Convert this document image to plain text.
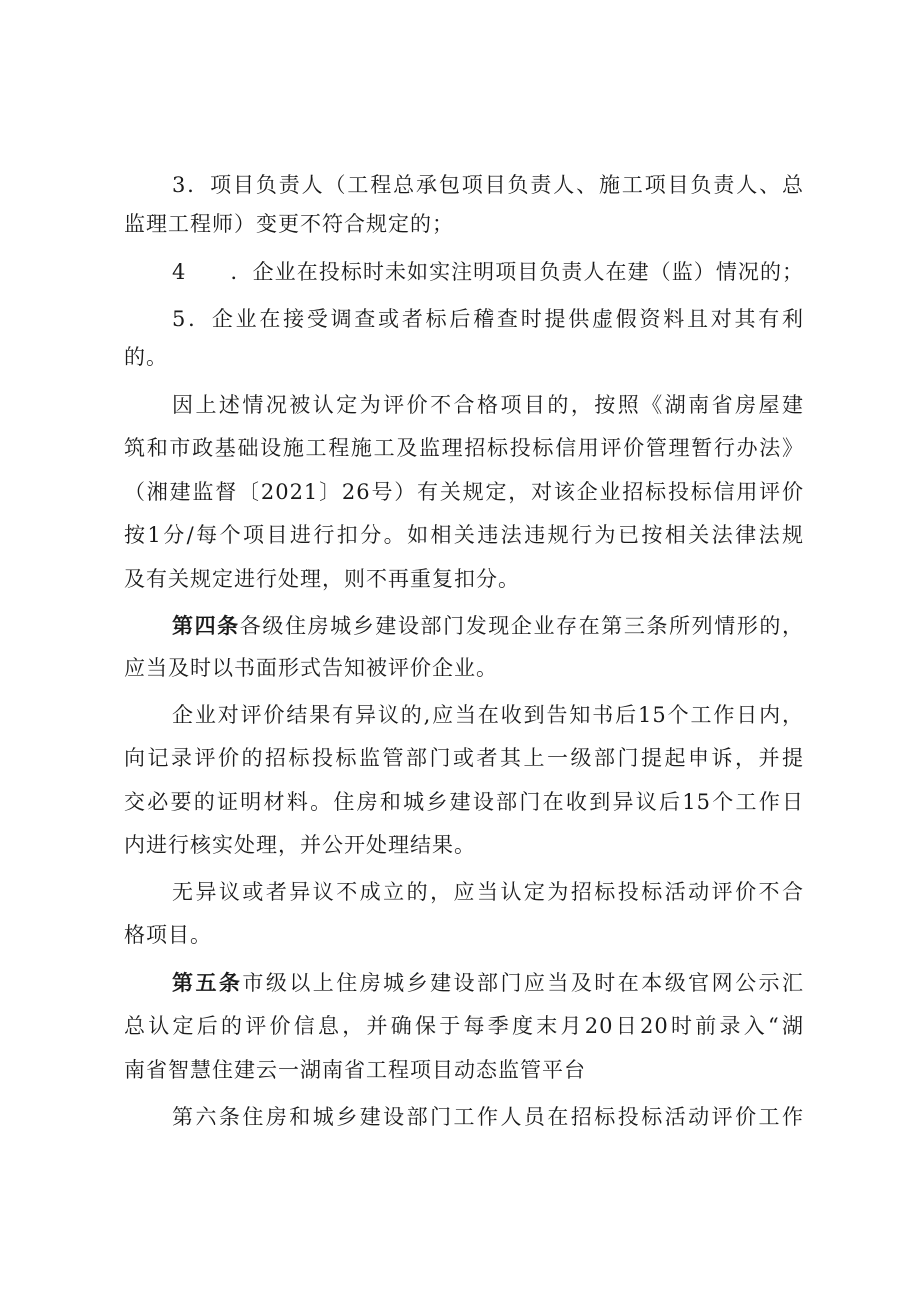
3．项目负责人（工程总承包项目负责人、施工项目负责人、总
监理工程师）变更不符合规定的；
4　　．企业在投标时未如实注明项目负责人在建（监）情况的；
5．企业在接受调查或者标后稽查时提供虚假资料且对其有利
的。
因上述情况被认定为评价不合格项目的，按照《湖南省房屋建
筑和市政基础设施工程施工及监理招标投标信用评价管理暂行办法》
（湘建监督〔2021〕26号）有关规定，对该企业招标投标信用评价
按1分/每个项目进行扣分。如相关违法违规行为已按相关法律法规
及有关规定进行处理，则不再重复扣分。
第四条各级住房城乡建设部门发现企业存在第三条所列情形的，
应当及时以书面形式告知被评价企业。
企业对评价结果有异议的,应当在收到告知书后15个工作日内，
向记录评价的招标投标监管部门或者其上一级部门提起申诉，并提
交必要的证明材料。住房和城乡建设部门在收到异议后15个工作日
内进行核实处理，并公开处理结果。
无异议或者异议不成立的，应当认定为招标投标活动评价不合
格项目。
第五条市级以上住房城乡建设部门应当及时在本级官网公示汇
总认定后的评价信息，并确保于每季度末月20日20时前录入“湖
南省智慧住建云一湖南省工程项目动态监管平台
第六条住房和城乡建设部门工作人员在招标投标活动评价工作
